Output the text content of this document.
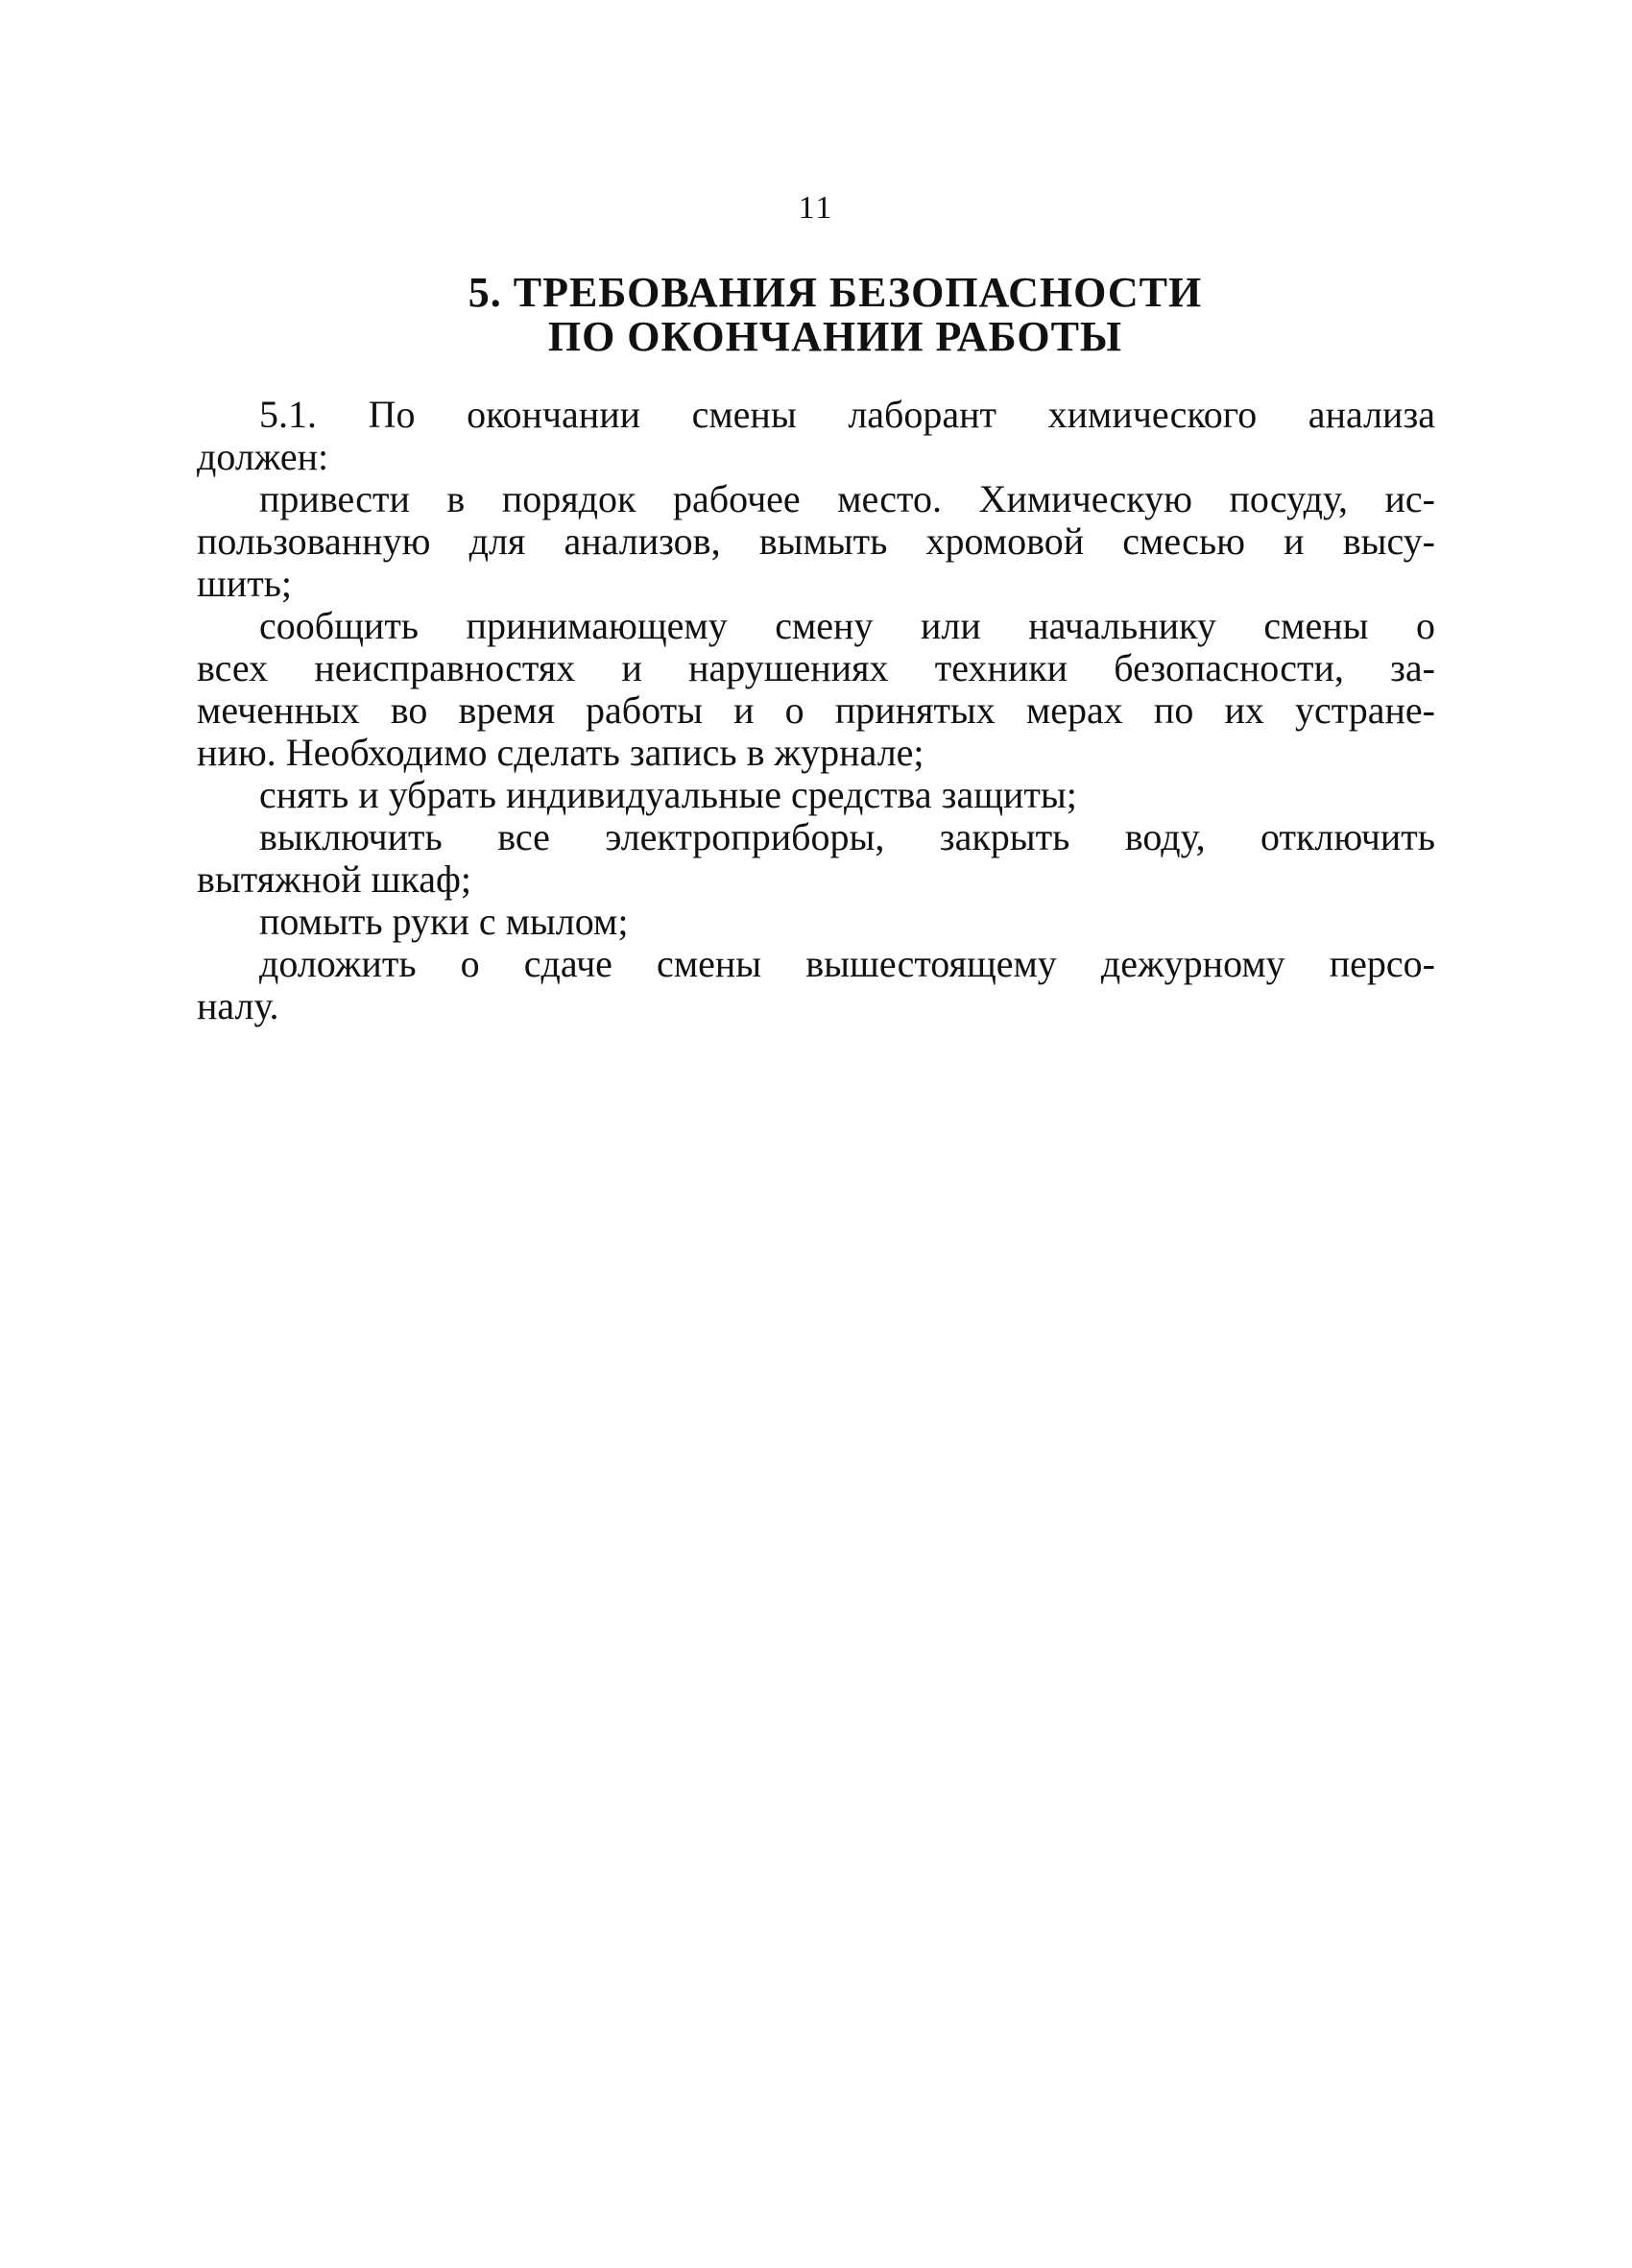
11
5. ТРЕБОВАНИЯ БЕЗОПАСНОСТИ
ПО ОКОНЧАНИИ РАБОТЫ
5.1. По окончании смены лаборант химического анализа
должен:
привести в порядок рабочее место. Химическую посуду, ис-
пользованную для анализов, вымыть хромовой смесью и высу-
шить;
сообщить принимающему смену или начальнику смены о
всех неисправностях и нарушениях техники безопасности, за-
меченных во время работы и о принятых мерах по их устране-
нию. Необходимо сделать запись в журнале;
снять и убрать индивидуальные средства защиты;
выключить все электроприборы, закрыть воду, отключить
вытяжной шкаф;
помыть руки с мылом;
доложить о сдаче смены вышестоящему дежурному персо-
налу.
